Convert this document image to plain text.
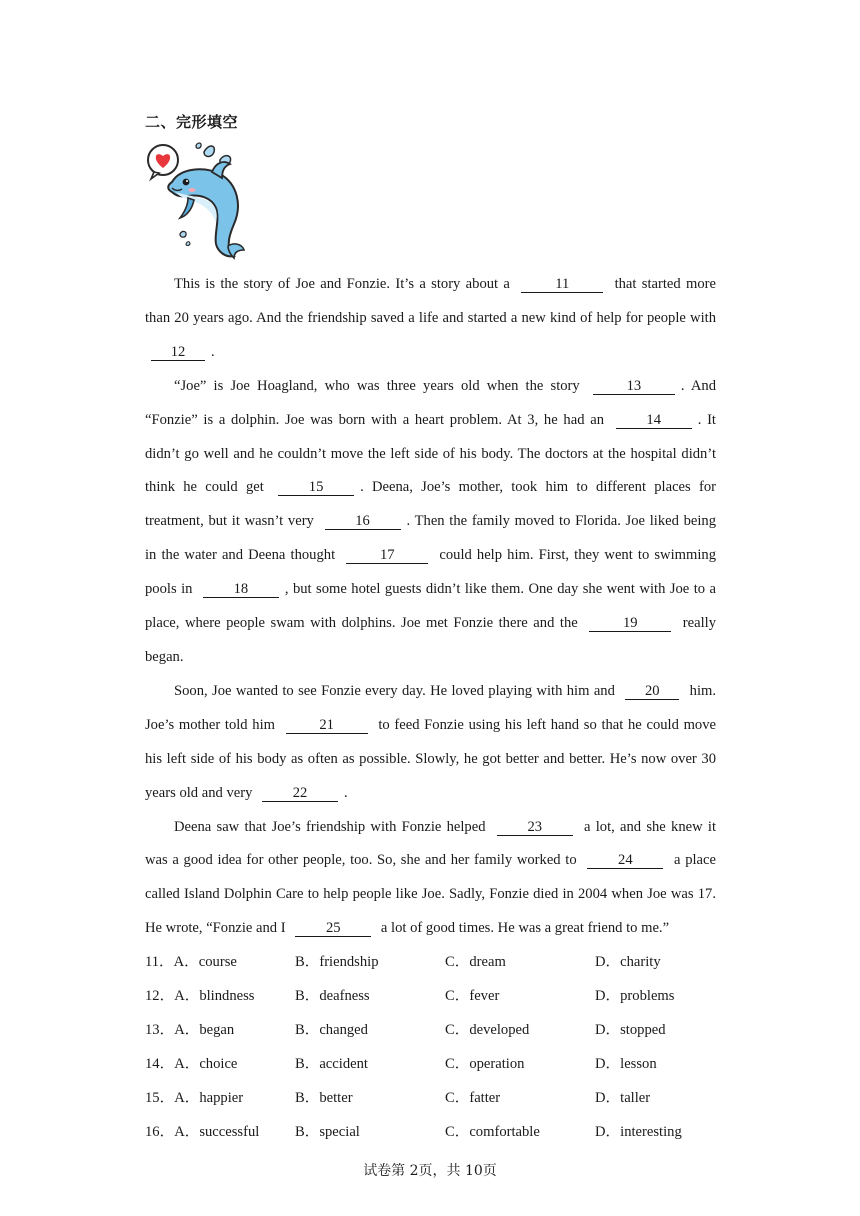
二、完形填空

This is the story of Joe and Fonzie. It’s a story about a	11	that started more than 20 years ago. And the friendship saved a life and started a new kind of help for people with 12 .

“Joe” is Joe Hoagland, who was three years old when the story	13	. And “Fonzie” is a dolphin. Joe was born with a heart problem. At 3, he had an	14	. It didn’t go well and he couldn’t move the left side of his body. The doctors at the hospital didn’t think he could get	15	. Deena, Joe’s mother, took him to different places for treatment, but it wasn’t very	16	. Then the family moved to Florida. Joe liked being in the water and Deena thought	17	could help him. First, they went to swimming pools in	18	, but some hotel guests didn’t like them. One day she went with Joe to a place, where people swam with dolphins. Joe met Fonzie there and the	19	really began.

Soon, Joe wanted to see Fonzie every day. He loved playing with him and 20 him. Joe’s mother told him	21	to feed Fonzie using his left hand so that he could move his left side of his body as often as possible. Slowly, he got better and better. He’s now over 30 years old and very	22	.

Deena saw that Joe’s friendship with Fonzie helped	23	a lot, and she knew it was a good idea for other people, too. So, she and her family worked to	24	a place called Island Dolphin Care to help people like Joe. Sadly, Fonzie died in 2004 when Joe was 17. He wrote, “Fonzie and I	25	a lot of good times. He was a great friend to me.”

11．A．course	B．friendship	C．dream	D．charity
12．A．blindness	B．deafness	C．fever	D．problems
13．A．began	B．changed	C．developed	D．stopped
14．A．choice	B．accident	C．operation	D．lesson
15．A．happier	B．better	C．fatter	D．taller
16．A．successful	B．special	C．comfortable	D．interesting
试卷第 2页，共 10页
